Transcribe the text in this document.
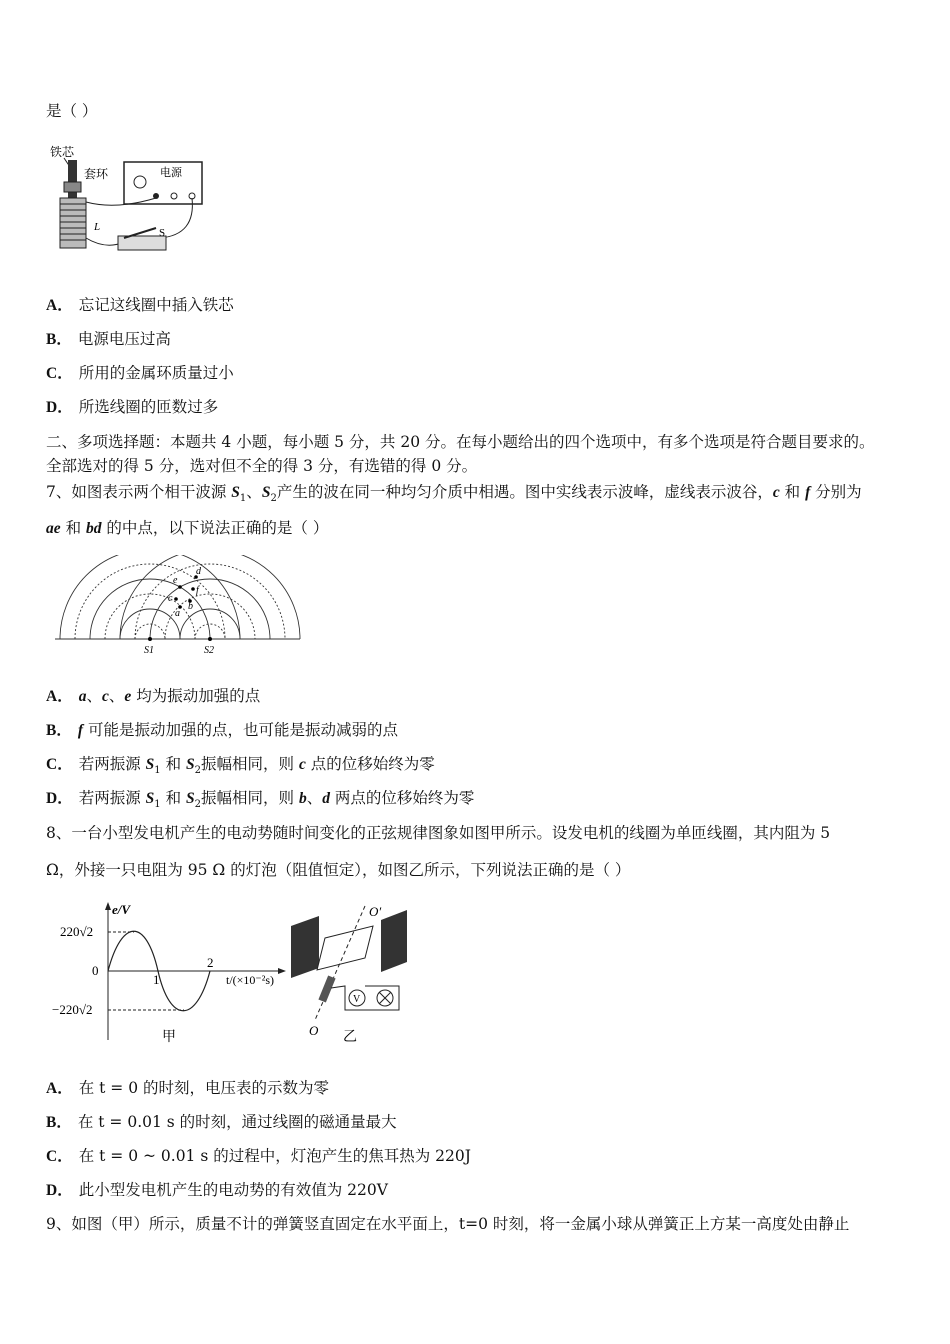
是（ ）
铁芯
套环
L
电源
S
A． 忘记这线圈中插入铁芯
B． 电源电压过高
C． 所用的金属环质量过小
D． 所选线圈的匝数过多
二、多项选择题：本题共 4 小题，每小题 5 分，共 20 分。在每小题给出的四个选项中，有多个选项是符合题目要求的。
全部选对的得 5 分，选对但不全的得 3 分，有选错的得 0 分。
7、如图表示两个相干波源 $S_1$、$S_2$产生的波在同一种均匀介质中相遇。图中实线表示波峰，虚线表示波谷，c 和 f 分别为
ae 和 bd 的中点，以下说法正确的是（ ）
e
d
c
f
a
b
S1	S2
A． a、c、e 均为振动加强的点
B． f 可能是振动加强的点，也可能是振动减弱的点
C． 若两振源 $S_1$ 和 $S_2$振幅相同，则 c 点的位移始终为零
D． 若两振源 $S_1$ 和 $S_2$振幅相同，则 b、d 两点的位移始终为零
8、一台小型发电机产生的电动势随时间变化的正弦规律图象如图甲所示。设发电机的线圈为单匝线圈，其内阻为 5
Ω，外接一只电阻为 95 Ω 的灯泡（阻值恒定），如图乙所示，下列说法正确的是（ ）
e/V
220√2
0
−220√2
1
2
t/(×10⁻²s)
甲
O′
O
V
乙
A． 在 t = 0 的时刻，电压表的示数为零
B． 在 t = 0.01 s 的时刻，通过线圈的磁通量最大
C． 在 t = 0 ~ 0.01 s 的过程中，灯泡产生的焦耳热为 220J
D． 此小型发电机产生的电动势的有效值为 220V
9、如图（甲）所示，质量不计的弹簧竖直固定在水平面上，t=0 时刻，将一金属小球从弹簧正上方某一高度处由静止
